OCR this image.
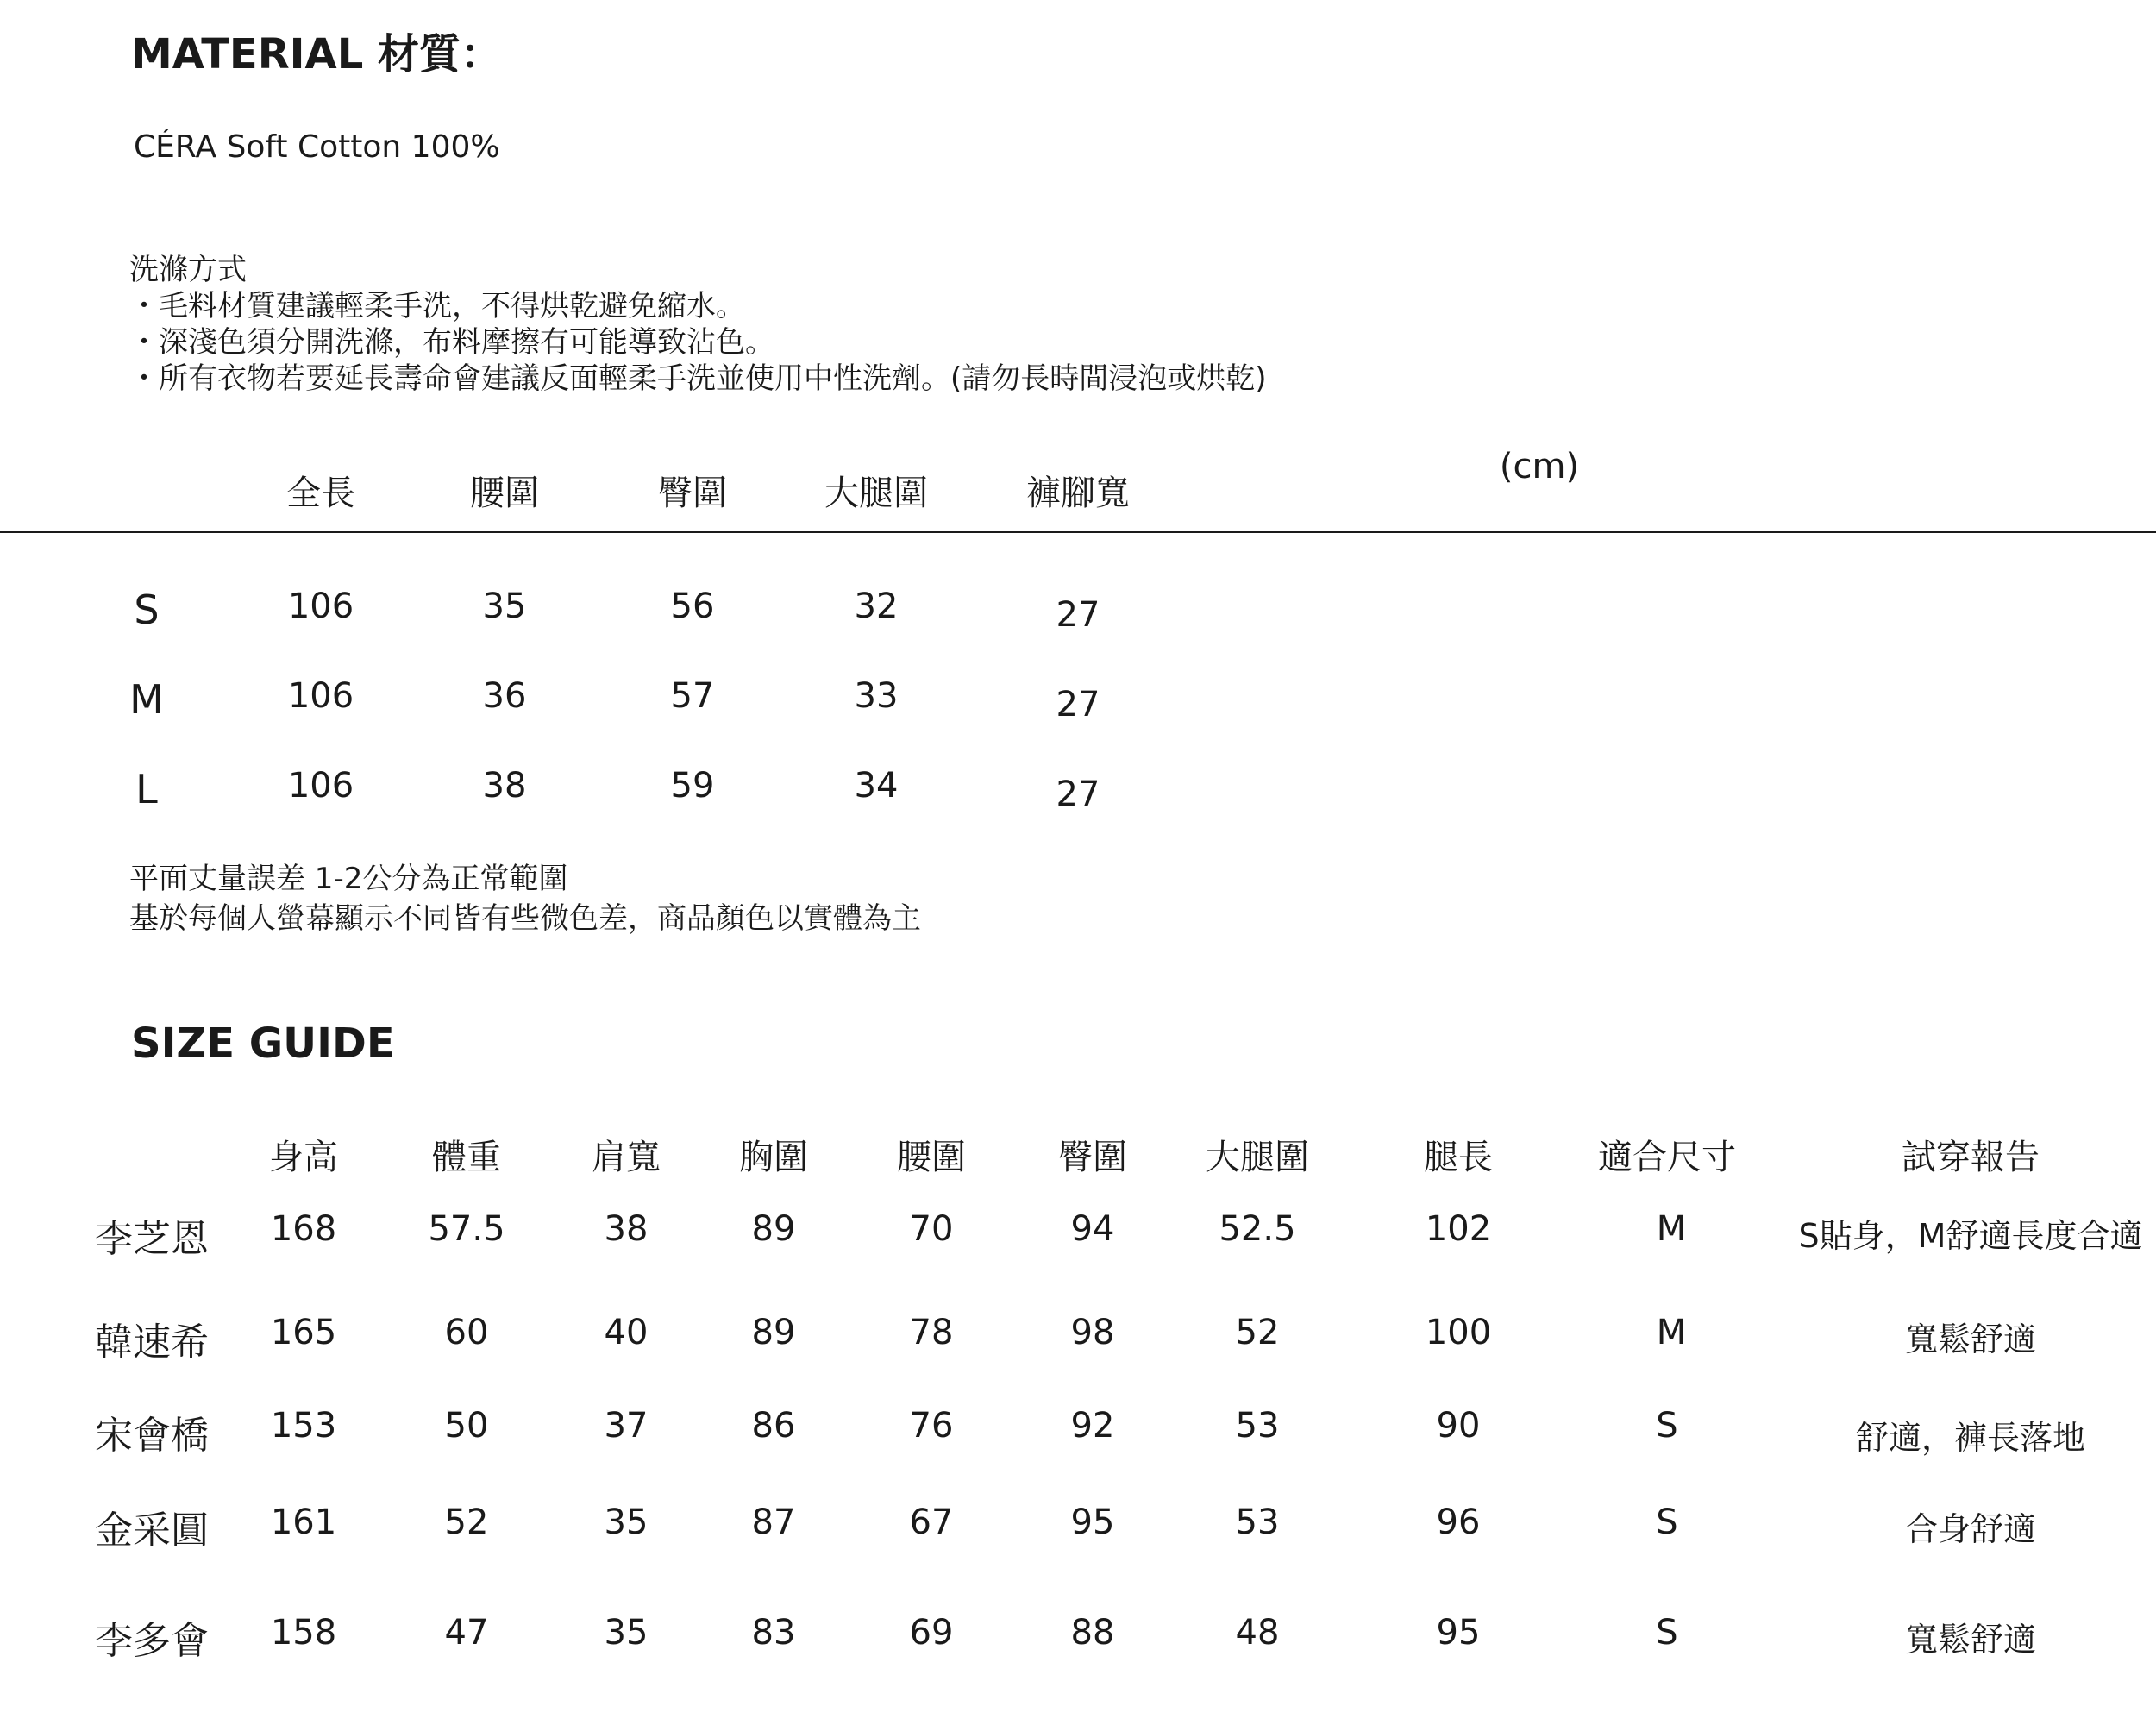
MATERIAL 材質：
CÉRA Soft Cotton 100%
洗滌方式
・毛料材質建議輕柔手洗，不得烘乾避免縮水。
・深淺色須分開洗滌，布料摩擦有可能導致沾色。
・所有衣物若要延長壽命會建議反面輕柔手洗並使用中性洗劑。(請勿長時間浸泡或烘乾)
全長	腰圍	臀圍	大腿圍	褲腳寬
(cm)
S	106	35	56	32	27
M	106	36	57	33	27
L	106	38	59	34	27
平面丈量誤差 1-2公分為正常範圍
基於每個人螢幕顯示不同皆有些微色差，商品顏色以實體為主
SIZE GUIDE
身高	體重	肩寬 胸圍	腰圍	臀圍 大腿圍	腿長	適合尺寸	試穿報告
李芝恩 168	57.5	38	89	70	94	52.5	102	M	S貼身，M舒適長度合適
韓速希 165	60	40	89	78	98	52	100	M	寬鬆舒適
宋會橋 153	50	37	86	76	92	53	90	S	舒適，褲長落地
金采圓 161	52	35	87	67	95	53	96	S	合身舒適
李多會 158	47	35	83	69	88	48	95	S	寬鬆舒適
